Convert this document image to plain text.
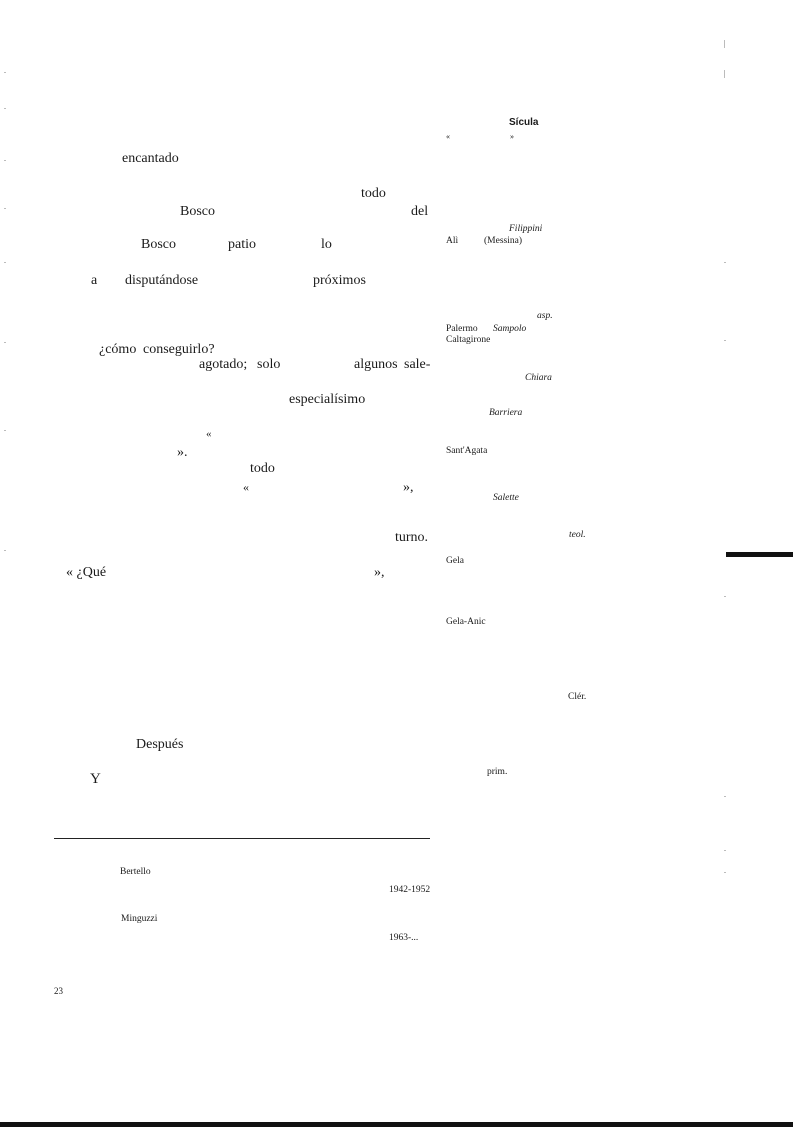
encantado
todo
Bosco	del
Bosco	patio	lo
a disputándose	próximos
¿cómo conseguirlo?
agotado; solo	algunos sale-
especialísimo
«
».
todo
«	»,
turno.
« ¿Qué	»,
Después
Y
Bertello
1942-1952
Minguzzi
1963-...
23
Sícula
«	»
Filippini
Alì	(Messina)
asp.
Palermo Sampolo
Caltagirone
Chiara
Barriera
Sant'Agata
Salette
teol.
Gela
Gela-Anic
Clér.
prim.
